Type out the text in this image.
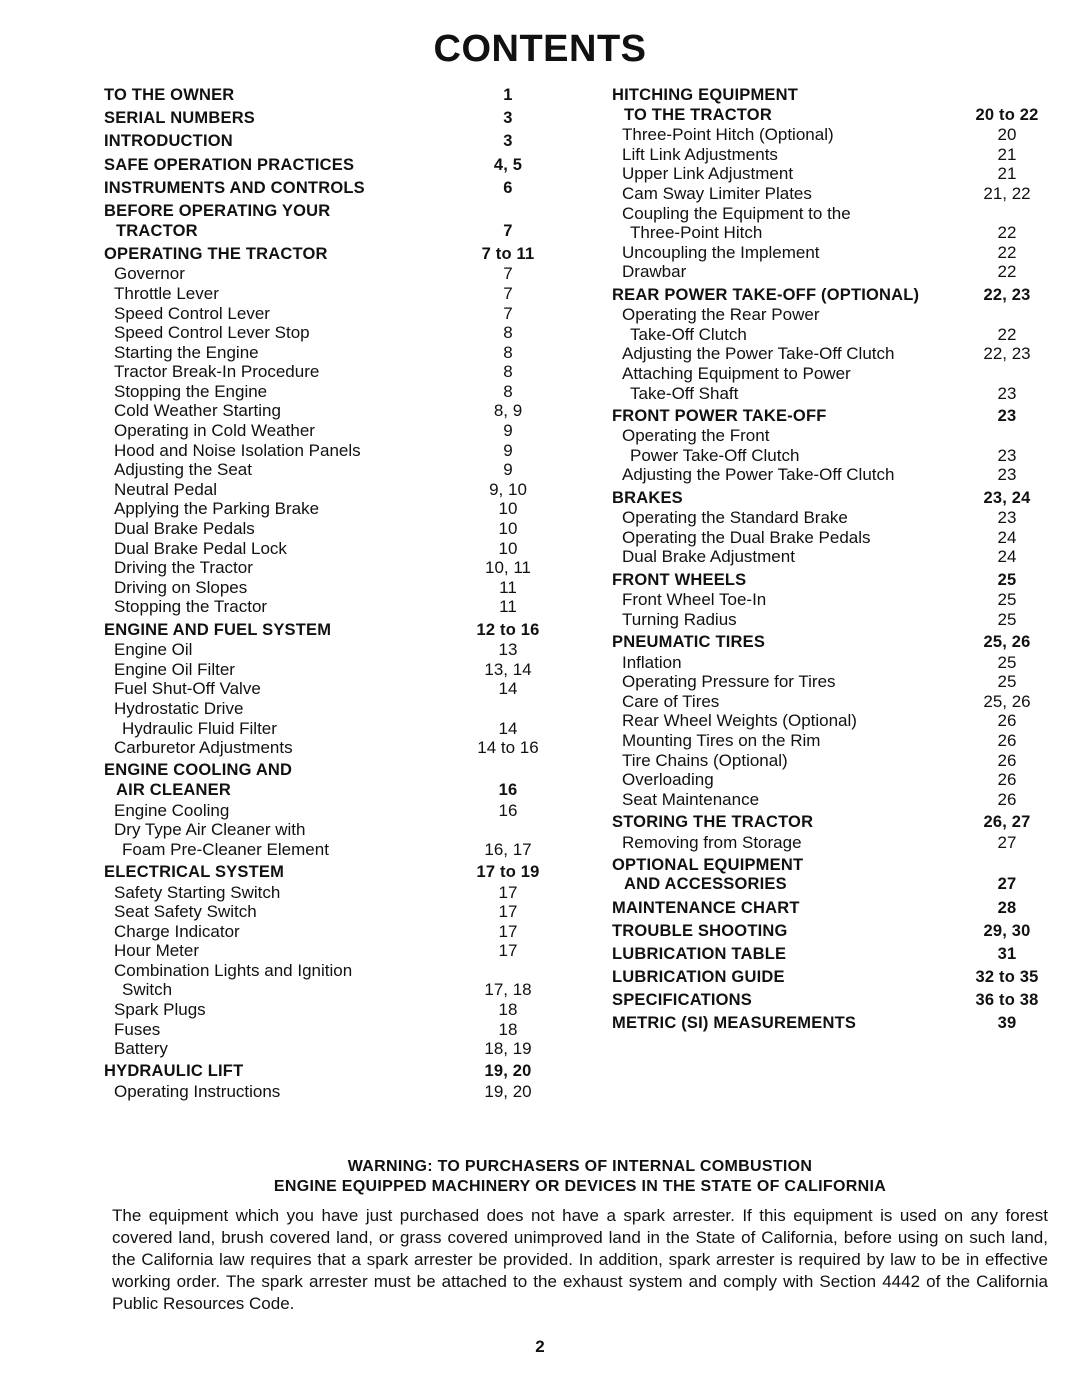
CONTENTS
TO THE OWNER	1
SERIAL NUMBERS	3
INTRODUCTION	3
SAFE OPERATION PRACTICES	4, 5
INSTRUMENTS AND CONTROLS	6
BEFORE OPERATING YOUR
TRACTOR	7
OPERATING THE TRACTOR	7 to 11
Governor	7
Throttle Lever	7
Speed Control Lever	7
Speed Control Lever Stop	8
Starting the Engine	8
Tractor Break-In Procedure	8
Stopping the Engine	8
Cold Weather Starting	8, 9
Operating in Cold Weather	9
Hood and Noise Isolation Panels	9
Adjusting the Seat	9
Neutral Pedal	9, 10
Applying the Parking Brake	10
Dual Brake Pedals	10
Dual Brake Pedal Lock	10
Driving the Tractor	10, 11
Driving on Slopes	11
Stopping the Tractor	11
ENGINE AND FUEL SYSTEM	12 to 16
Engine Oil	13
Engine Oil Filter	13, 14
Fuel Shut-Off Valve	14
Hydrostatic Drive
Hydraulic Fluid Filter	14
Carburetor Adjustments	14 to 16
ENGINE COOLING AND
AIR CLEANER	16
Engine Cooling	16
Dry Type Air Cleaner with
Foam Pre-Cleaner Element	16, 17
ELECTRICAL SYSTEM	17 to 19
Safety Starting Switch	17
Seat Safety Switch	17
Charge Indicator	17
Hour Meter	17
Combination Lights and Ignition
Switch	17, 18
Spark Plugs	18
Fuses	18
Battery	18, 19
HYDRAULIC LIFT	19, 20
Operating Instructions	19, 20
HITCHING EQUIPMENT
TO THE TRACTOR	20 to 22
Three-Point Hitch (Optional)	20
Lift Link Adjustments	21
Upper Link Adjustment	21
Cam Sway Limiter Plates	21, 22
Coupling the Equipment to the
Three-Point Hitch	22
Uncoupling the Implement	22
Drawbar	22
REAR POWER TAKE-OFF (OPTIONAL)	22, 23
Operating the Rear Power
Take-Off Clutch	22
Adjusting the Power Take-Off Clutch	22, 23
Attaching Equipment to Power
Take-Off Shaft	23
FRONT POWER TAKE-OFF	23
Operating the Front
Power Take-Off Clutch	23
Adjusting the Power Take-Off Clutch	23
BRAKES	23, 24
Operating the Standard Brake	23
Operating the Dual Brake Pedals	24
Dual Brake Adjustment	24
FRONT WHEELS	25
Front Wheel Toe-In	25
Turning Radius	25
PNEUMATIC TIRES	25, 26
Inflation	25
Operating Pressure for Tires	25
Care of Tires	25, 26
Rear Wheel Weights (Optional)	26
Mounting Tires on the Rim	26
Tire Chains (Optional)	26
Overloading	26
Seat Maintenance	26
STORING THE TRACTOR	26, 27
Removing from Storage	27
OPTIONAL EQUIPMENT
AND ACCESSORIES	27
MAINTENANCE CHART	28
TROUBLE SHOOTING	29, 30
LUBRICATION TABLE	31
LUBRICATION GUIDE	32 to 35
SPECIFICATIONS	36 to 38
METRIC (SI) MEASUREMENTS	39
WARNING: TO PURCHASERS OF INTERNAL COMBUSTION
ENGINE EQUIPPED MACHINERY OR DEVICES IN THE STATE OF CALIFORNIA
The equipment which you have just purchased does not have a spark arrester. If this equipment is used on any forest covered land, brush covered land, or grass covered unimproved land in the State of California, before using on such land, the California law requires that a spark arrester be provided. In addition, spark arrester is required by law to be in effective working order. The spark arrester must be attached to the exhaust system and comply with Section 4442 of the California Public Resources Code.
2
